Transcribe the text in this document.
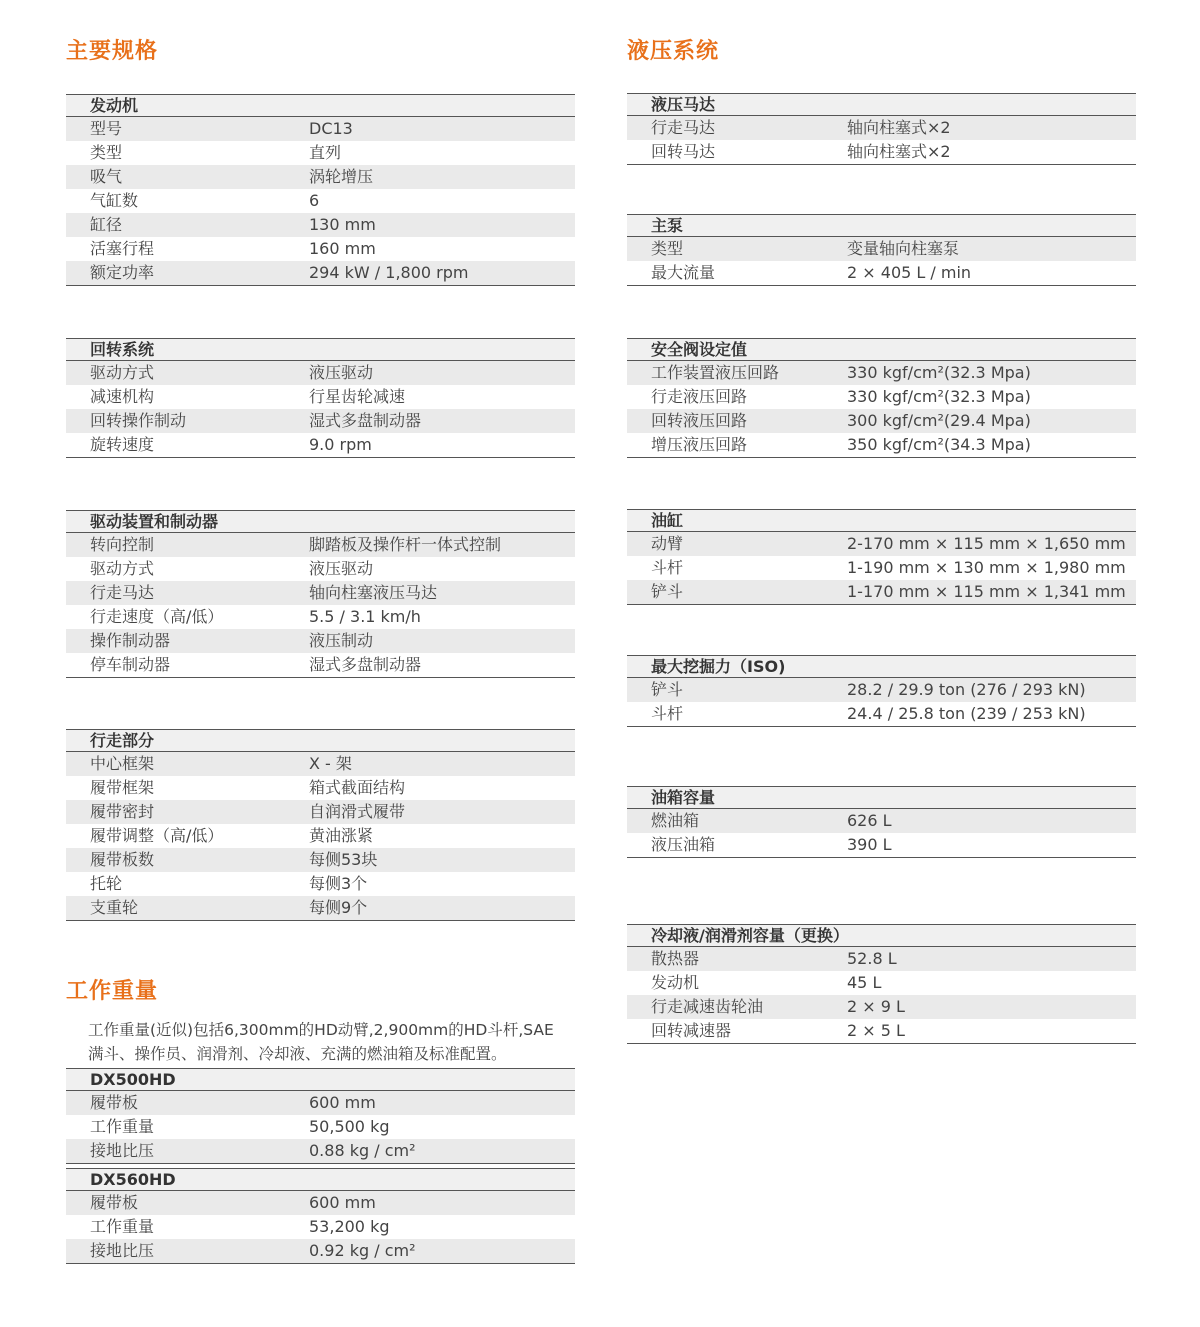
主要规格
发动机
型号	DC13
类型	直列
吸气	涡轮增压
气缸数	6
缸径	130 mm
活塞行程	160 mm
额定功率	294 kW / 1,800 rpm
回转系统
驱动方式	液压驱动
减速机构	行星齿轮减速
回转操作制动	湿式多盘制动器
旋转速度	9.0 rpm
驱动装置和制动器
转向控制	脚踏板及操作杆一体式控制
驱动方式	液压驱动
行走马达	轴向柱塞液压马达
行走速度（高/低）	5.5 / 3.1 km/h
操作制动器	液压制动
停车制动器	湿式多盘制动器
行走部分
中心框架	X - 架
履带框架	箱式截面结构
履带密封	自润滑式履带
履带调整（高/低）	黄油涨紧
履带板数	每侧53块
托轮	每侧3个
支重轮	每侧9个
工作重量

工作重量(近似)包括6,300mm的HD动臂,2,900mm的HD斗杆,SAE满斗、操作员、润滑剂、冷却液、充满的燃油箱及标准配置。

DX500HD
履带板	600 mm
工作重量	50,500 kg
接地比压	0.88 kg / cm²
DX560HD
履带板	600 mm
工作重量	53,200 kg
接地比压	0.92 kg / cm²
液压系统
液压马达
行走马达	轴向柱塞式×2
回转马达	轴向柱塞式×2
主泵
类型	变量轴向柱塞泵
最大流量	2 × 405 L / min
安全阀设定值
工作装置液压回路	330 kgf/cm²(32.3 Mpa)
行走液压回路	330 kgf/cm²(32.3 Mpa)
回转液压回路	300 kgf/cm²(29.4 Mpa)
增压液压回路	350 kgf/cm²(34.3 Mpa)
油缸
动臂	2-170 mm × 115 mm × 1,650 mm
斗杆	1-190 mm × 130 mm × 1,980 mm
铲斗	1-170 mm × 115 mm × 1,341 mm
最大挖掘力（ISO)
铲斗	28.2 / 29.9 ton (276 / 293 kN)
斗杆	24.4 / 25.8 ton (239 / 253 kN)
油箱容量
燃油箱	626 L
液压油箱	390 L
冷却液/润滑剂容量（更换）
散热器	52.8 L
发动机	45 L
行走减速齿轮油	2 × 9 L
回转减速器	2 × 5 L
